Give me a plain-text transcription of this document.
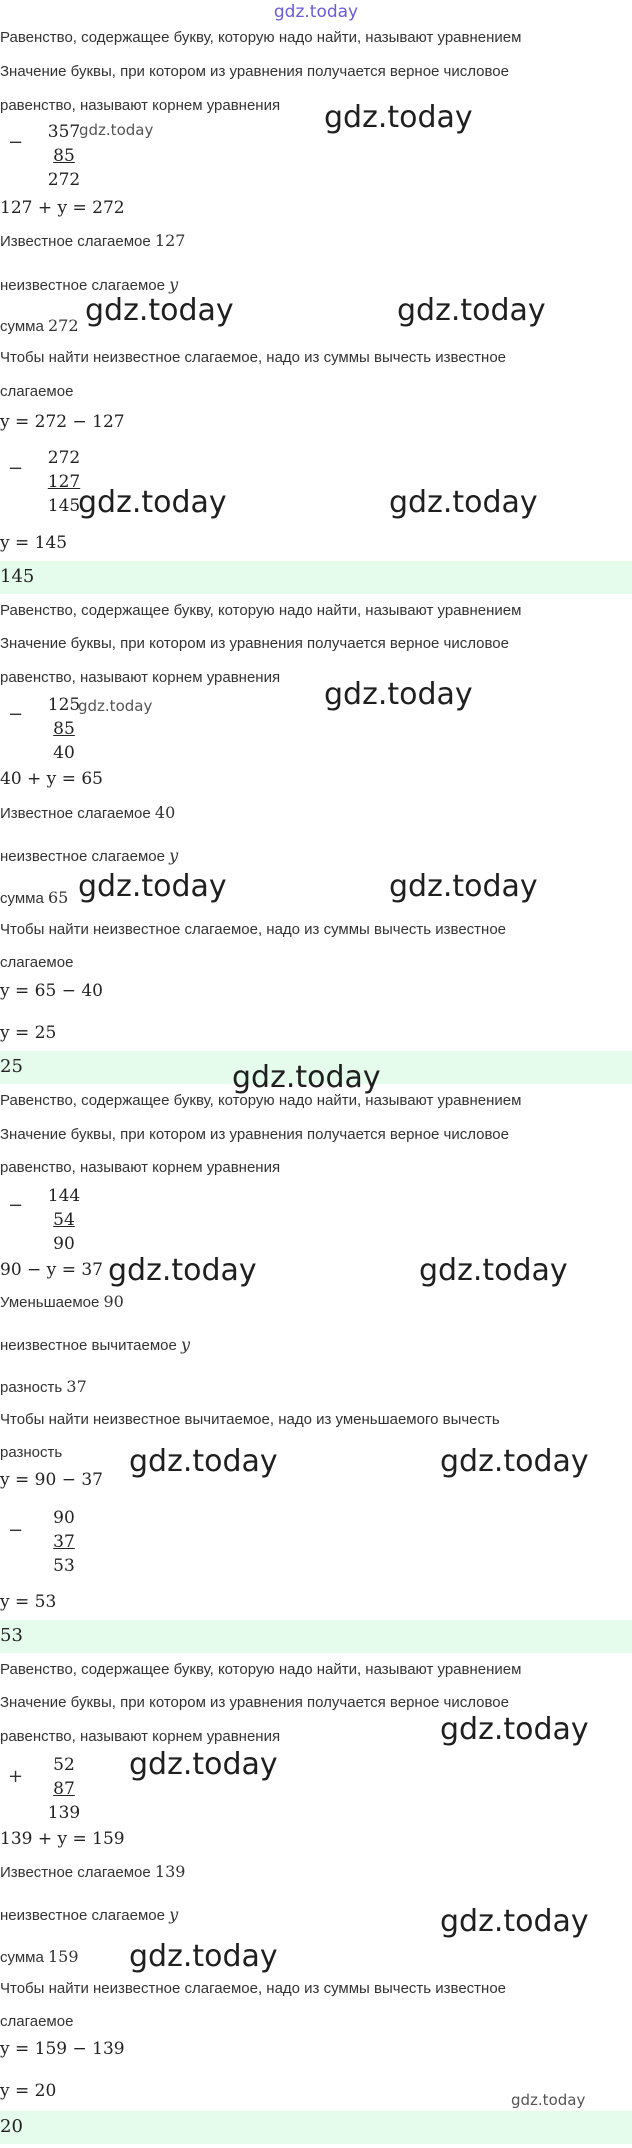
gdz.today
Равенство, содержащее букву, которую надо найти, называют уравнением
Значение буквы, при котором из уравнения получается верное числовое
равенство, называют корнем уравнения
− 357
85
272
127 + y = 272
Известное слагаемое 127
неизвестное слагаемое y
сумма 272
Чтобы найти неизвестное слагаемое, надо из суммы вычесть известное
слагаемое
y = 272 − 127
− 272
127
145
y = 145
145
Равенство, содержащее букву, которую надо найти, называют уравнением
Значение буквы, при котором из уравнения получается верное числовое
равенство, называют корнем уравнения
− 125
85
40
40 + y = 65
Известное слагаемое 40
неизвестное слагаемое y
сумма 65
Чтобы найти неизвестное слагаемое, надо из суммы вычесть известное
слагаемое
y = 65 − 40
y = 25
25
Равенство, содержащее букву, которую надо найти, называют уравнением
Значение буквы, при котором из уравнения получается верное числовое
равенство, называют корнем уравнения
− 144
54
90
90 − y = 37
Уменьшаемое 90
неизвестное вычитаемое y
разность 37
Чтобы найти неизвестное вычитаемое, надо из уменьшаемого вычесть
разность
y = 90 − 37
−
90
37
53
y = 53
53
Равенство, содержащее букву, которую надо найти, называют уравнением
Значение буквы, при котором из уравнения получается верное числовое
равенство, называют корнем уравнения
+
52
87
139
139 + y = 159
Известное слагаемое 139
неизвестное слагаемое y
сумма 159
Чтобы найти неизвестное слагаемое, надо из суммы вычесть известное
слагаемое
y = 159 − 139
y = 20
20
gdz.today	gdz.today
gdz.today	gdz.today
gdz.today	gdz.today
gdz.today	gdz.today
gdz.today	gdz.today
gdz.today
gdz.today	gdz.today
gdz.today	gdz.today
gdz.today
gdz.today
gdz.today
gdz.today
gdz.today
